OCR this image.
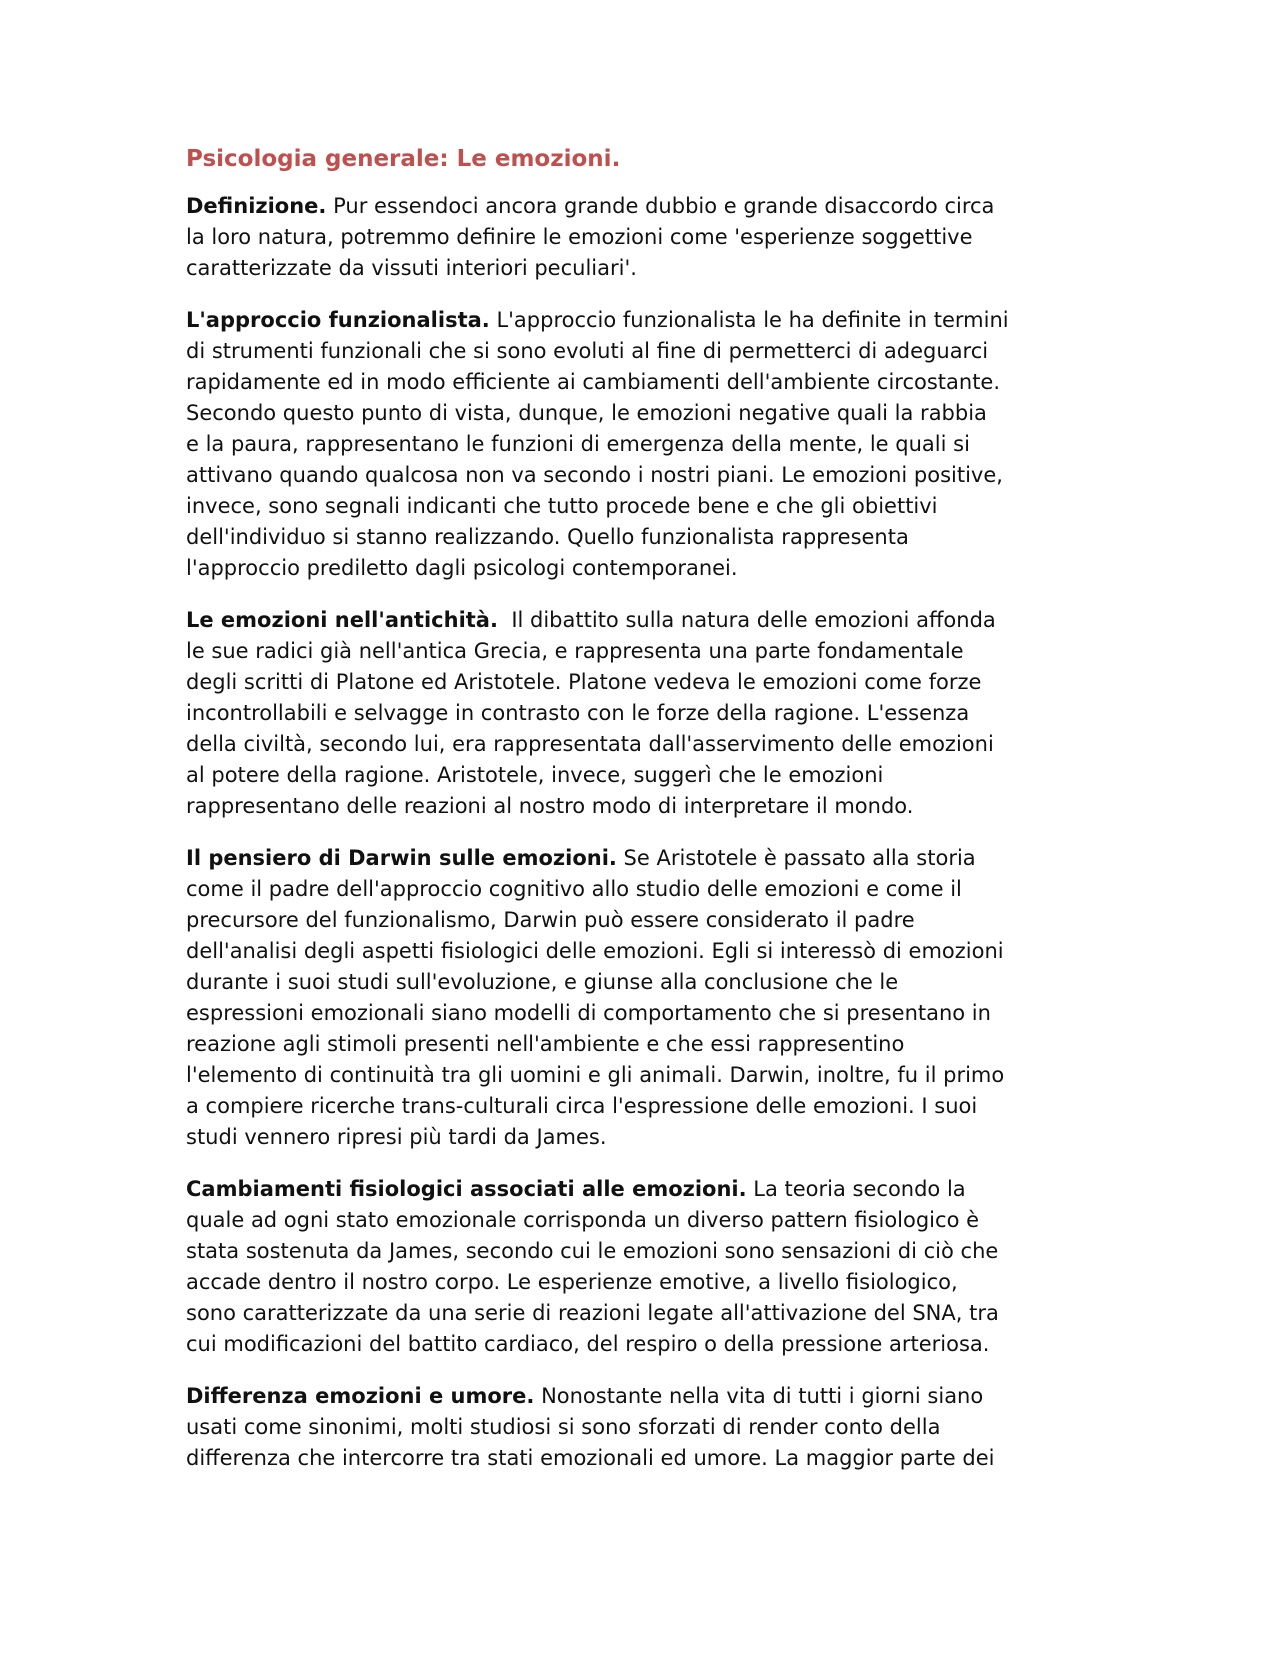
Psicologia generale: Le emozioni.
Definizione. Pur essendoci ancora grande dubbio e grande disaccordo circa
la loro natura, potremmo definire le emozioni come 'esperienze soggettive
caratterizzate da vissuti interiori peculiari'.
L'approccio funzionalista. L'approccio funzionalista le ha definite in termini
di strumenti funzionali che si sono evoluti al fine di permetterci di adeguarci
rapidamente ed in modo efficiente ai cambiamenti dell'ambiente circostante.
Secondo questo punto di vista, dunque, le emozioni negative quali la rabbia
e la paura, rappresentano le funzioni di emergenza della mente, le quali si
attivano quando qualcosa non va secondo i nostri piani. Le emozioni positive,
invece, sono segnali indicanti che tutto procede bene e che gli obiettivi
dell'individuo si stanno realizzando. Quello funzionalista rappresenta
l'approccio prediletto dagli psicologi contemporanei.
Le emozioni nell'antichità.  Il dibattito sulla natura delle emozioni affonda
le sue radici già nell'antica Grecia, e rappresenta una parte fondamentale
degli scritti di Platone ed Aristotele. Platone vedeva le emozioni come forze
incontrollabili e selvagge in contrasto con le forze della ragione. L'essenza
della civiltà, secondo lui, era rappresentata dall'asservimento delle emozioni
al potere della ragione. Aristotele, invece, suggerì che le emozioni
rappresentano delle reazioni al nostro modo di interpretare il mondo.
Il pensiero di Darwin sulle emozioni. Se Aristotele è passato alla storia
come il padre dell'approccio cognitivo allo studio delle emozioni e come il
precursore del funzionalismo, Darwin può essere considerato il padre
dell'analisi degli aspetti fisiologici delle emozioni. Egli si interessò di emozioni
durante i suoi studi sull'evoluzione, e giunse alla conclusione che le
espressioni emozionali siano modelli di comportamento che si presentano in
reazione agli stimoli presenti nell'ambiente e che essi rappresentino
l'elemento di continuità tra gli uomini e gli animali. Darwin, inoltre, fu il primo
a compiere ricerche trans-culturali circa l'espressione delle emozioni. I suoi
studi vennero ripresi più tardi da James.
Cambiamenti fisiologici associati alle emozioni. La teoria secondo la
quale ad ogni stato emozionale corrisponda un diverso pattern fisiologico è
stata sostenuta da James, secondo cui le emozioni sono sensazioni di ciò che
accade dentro il nostro corpo. Le esperienze emotive, a livello fisiologico,
sono caratterizzate da una serie di reazioni legate all'attivazione del SNA, tra
cui modificazioni del battito cardiaco, del respiro o della pressione arteriosa.
Differenza emozioni e umore. Nonostante nella vita di tutti i giorni siano
usati come sinonimi, molti studiosi si sono sforzati di render conto della
differenza che intercorre tra stati emozionali ed umore. La maggior parte dei
